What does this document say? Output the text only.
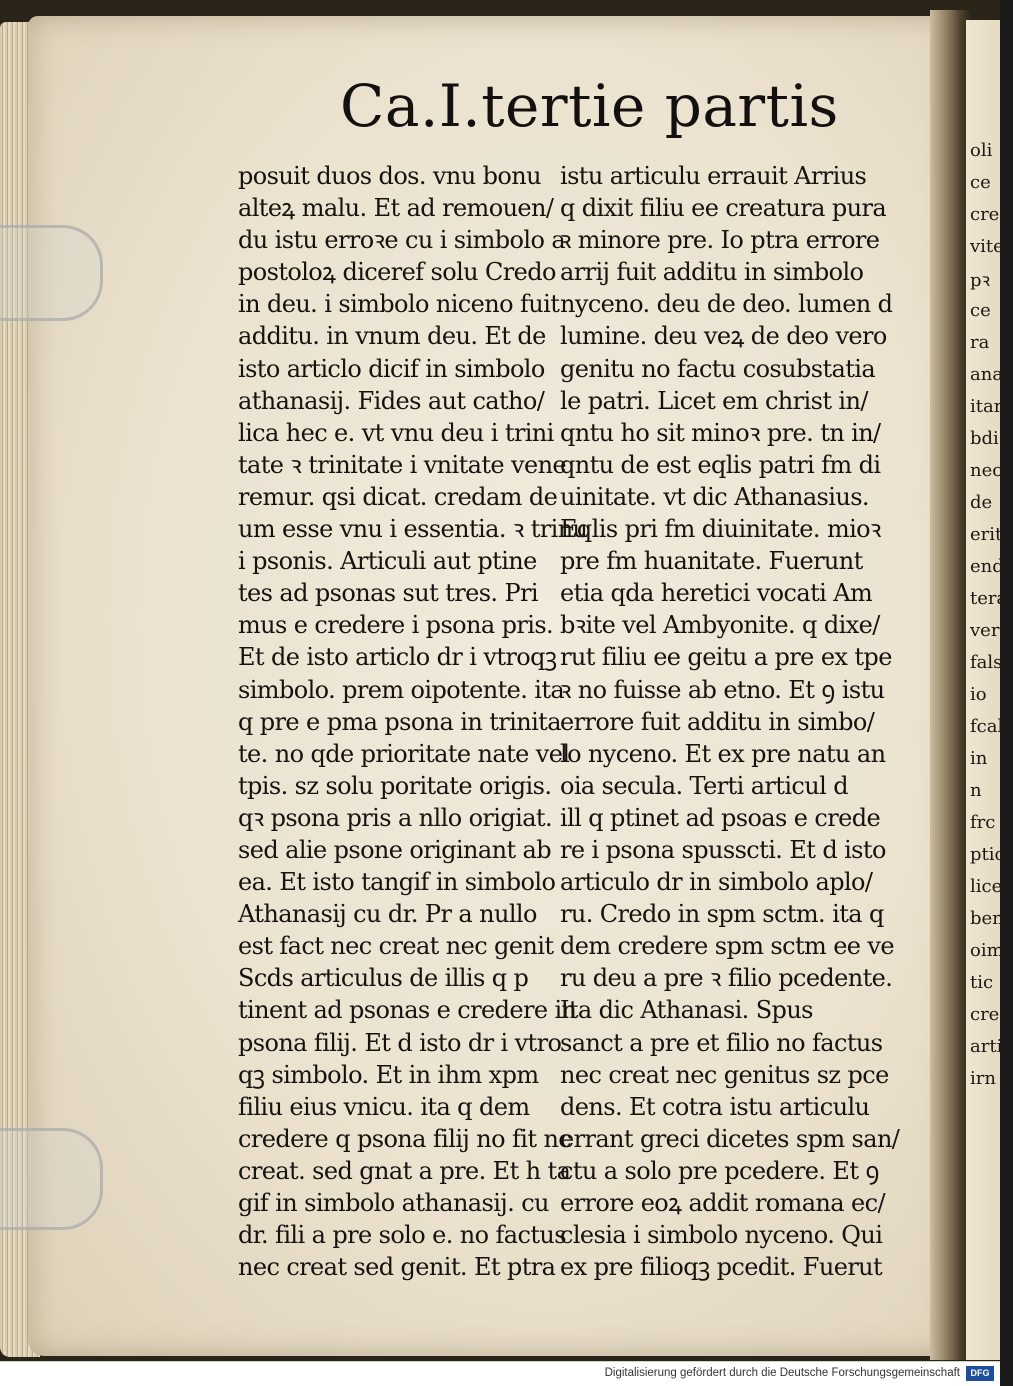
oli
ce
cre
vite
pꝛ
ce
ra
anai
itar
bdi
nec
de
erit
end
tera
vera
falsa
io
fcali
in
n
frc
ptio
licet
ben
oim
tic
cre
arti
irn
Ca.I.tertie partis
posuit duos dos. vnu bonu
alteꝝ malu. Et ad remouen/
du istu erroꝛe cu i simbolo a
postoloꝝ diceref solu Credo
in deu. i simbolo niceno fuit
additu. in vnum deu. Et de
isto articlo dicif in simbolo
athanasij. Fides aut catho/
lica hec e. vt vnu deu i trini
tate ꝛ trinitate i vnitate vene
remur. qsi dicat. credam de
um esse vnu i essentia. ꝛ trinu
i psonis. Articuli aut ptine
tes ad psonas sut tres. Pri
mus e credere i psona pris.
Et de isto articlo dr i vtroqꝫ
simbolo. prem oipotente. ita
q pre e pma psona in trinita
te. no qde prioritate nate vel
tpis. sz solu poritate origis.
qꝛ psona pris a nllo origiat.
sed alie psone originant ab
ea. Et isto tangif in simbolo
Athanasij cu dr. Pr a nullo
est fact nec creat nec genit
Scds articulus de illis q p
tinent ad psonas e credere in
psona filij. Et d isto dr i vtro
qꝫ simbolo. Et in ihm xpm
filiu eius vnicu. ita q dem
credere q psona filij no fit nc
creat. sed gnat a pre. Et h ta
gif in simbolo athanasij. cu
dr. fili a pre solo e. no factus
nec creat sed genit. Et ptra
istu articulu errauit Arrius
q dixit filiu ee creatura pura
ꝛ minore pre. Io ptra errore
arrij fuit additu in simbolo
nyceno. deu de deo. lumen d
lumine. deu veꝝ de deo vero
genitu no factu cosubstatia
le patri. Licet em christ in/
qntu ho sit minoꝛ pre. tn in/
qntu de est eqlis patri fm di
uinitate. vt dic Athanasius.
Eqlis pri fm diuinitate. mioꝛ
pre fm huanitate. Fuerunt
etia qda heretici vocati Am
bꝛite vel Ambyonite. q dixe/
rut filiu ee geitu a pre ex tpe
ꝛ no fuisse ab etno. Et ꝯ istu
errore fuit additu in simbo/
lo nyceno. Et ex pre natu an
oia secula. Terti articul d
ill q ptinet ad psoas e crede
re i psona spusscti. Et d isto
articulo dr in simbolo aplo/
ru. Credo in spm sctm. ita q
dem credere spm sctm ee ve
ru deu a pre ꝛ filio pcedente.
Ita dic Athanasi. Spus
sanct a pre et filio no factus
nec creat nec genitus sz pce
dens. Et cotra istu articulu
errant greci dicetes spm san/
ctu a solo pre pcedere. Et ꝯ
errore eoꝝ addit romana ec/
clesia i simbolo nyceno. Qui
ex pre filioqꝫ pcedit. Fuerut
Digitalisierung gefördert durch die Deutsche Forschungsgemeinschaft	DFG
